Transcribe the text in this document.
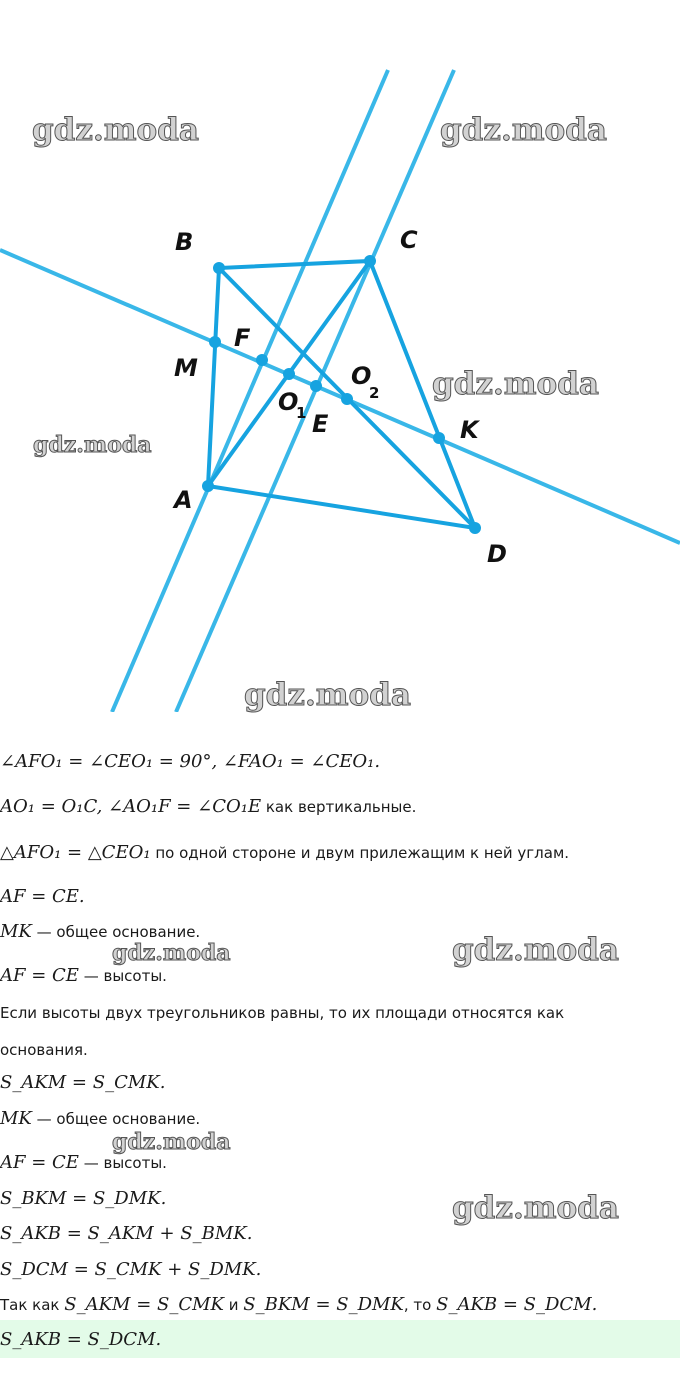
B	C
F
M
O
1
O
2
E	K
A
D
gdz.moda	gdz.moda
gdz.moda
gdz.moda
gdz.moda
gdz.moda
gdz.moda
gdz.moda
gdz.moda
∠AFO₁ = ∠CEO₁ = 90°, ∠FAO₁ = ∠CEO₁.
AO₁ = O₁C, ∠AO₁F = ∠CO₁E как вертикальные.
△AFO₁ = △CEO₁ по одной стороне и двум прилежащим к ней углам.
AF = CE.
MK — общее основание.
AF = CE — высоты.
Если высоты двух треугольников равны, то их площади относятся как
основания.
S_AKM = S_CMK.
MK — общее основание.
AF = CE — высоты.
S_BKM = S_DMK.
S_AKB = S_AKM + S_BMK.
S_DCM = S_CMK + S_DMK.
Так как S_AKM = S_CMK и S_BKM = S_DMK, то S_AKB = S_DCM.
S_AKB = S_DCM.
